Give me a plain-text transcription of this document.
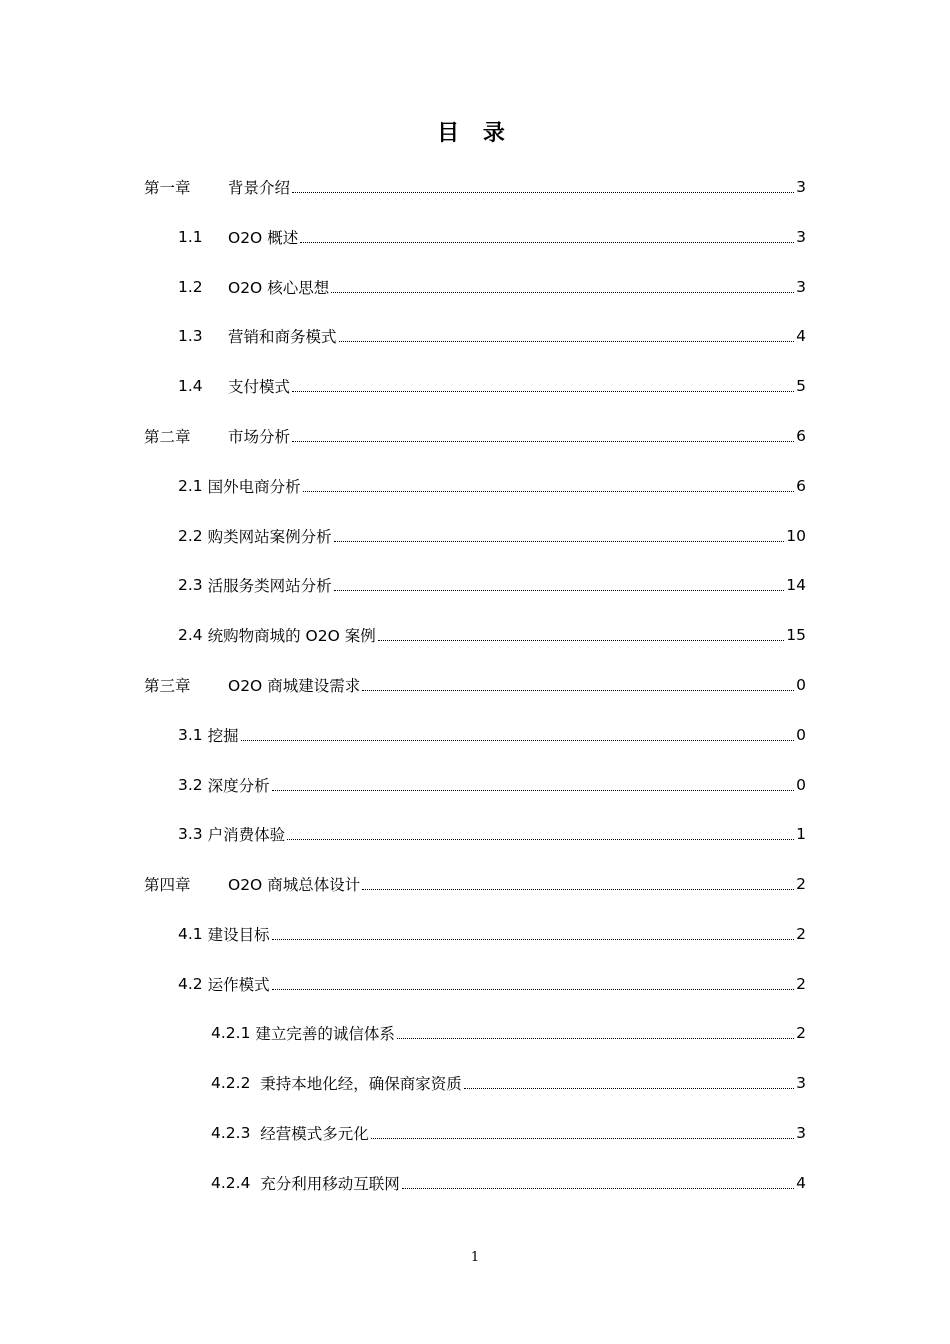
目 录
第一章	背景介绍	3
1.1	O2O 概述	3
1.2	O2O 核心思想	3
1.3	营销和商务模式	4
1.4	支付模式	5
第二章	市场分析	6
2.1 国外电商分析	6
2.2 购类网站案例分析	10
2.3 活服务类网站分析	14
2.4 统购物商城的 O2O 案例	15
第三章	O2O 商城建设需求	0
3.1 挖掘	0
3.2 深度分析	0
3.3 户消费体验	1
第四章	O2O 商城总体设计	2
4.1 建设目标	2
4.2 运作模式	2
4.2.1 建立完善的诚信体系	2
4.2.2 秉持本地化经，确保商家资质	3
4.2.3 经营模式多元化	3
4.2.4 充分利用移动互联网	4
1
